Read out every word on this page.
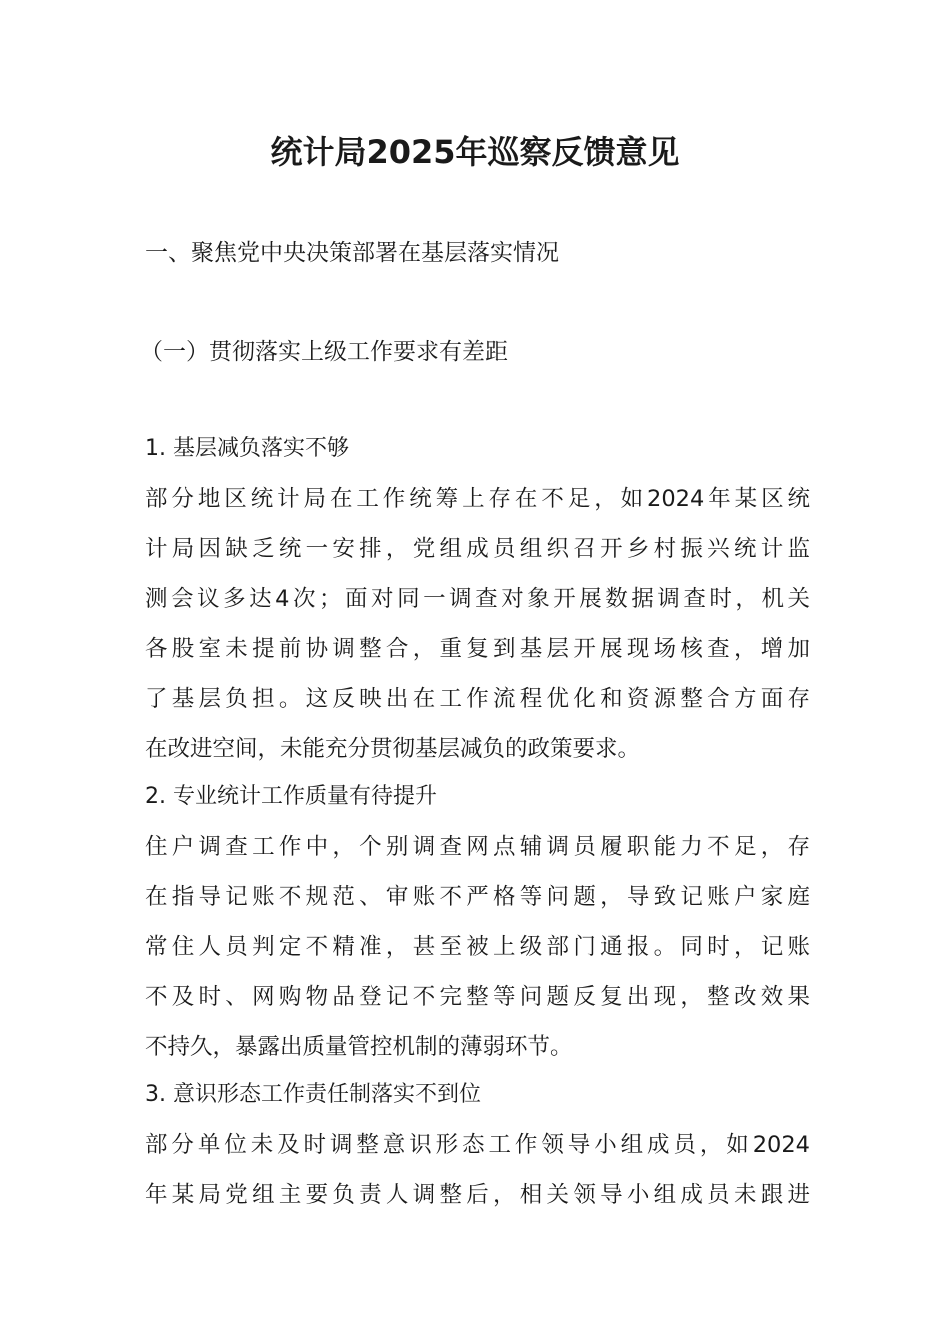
统计局2025年巡察反馈意见

一、聚焦党中央决策部署在基层落实情况

（一）贯彻落实上级工作要求有差距

1. 基层减负落实不够
部分地区统计局在工作统筹上存在不足，如2024年某区统
计局因缺乏统一安排，党组成员组织召开乡村振兴统计监
测会议多达4次；面对同一调查对象开展数据调查时，机关
各股室未提前协调整合，重复到基层开展现场核查，增加
了基层负担。这反映出在工作流程优化和资源整合方面存
在改进空间，未能充分贯彻基层减负的政策要求。
2. 专业统计工作质量有待提升
住户调查工作中，个别调查网点辅调员履职能力不足，存
在指导记账不规范、审账不严格等问题，导致记账户家庭
常住人员判定不精准，甚至被上级部门通报。同时，记账
不及时、网购物品登记不完整等问题反复出现，整改效果
不持久，暴露出质量管控机制的薄弱环节。
3. 意识形态工作责任制落实不到位
部分单位未及时调整意识形态工作领导小组成员，如2024
年某局党组主要负责人调整后，相关领导小组成员未跟进
